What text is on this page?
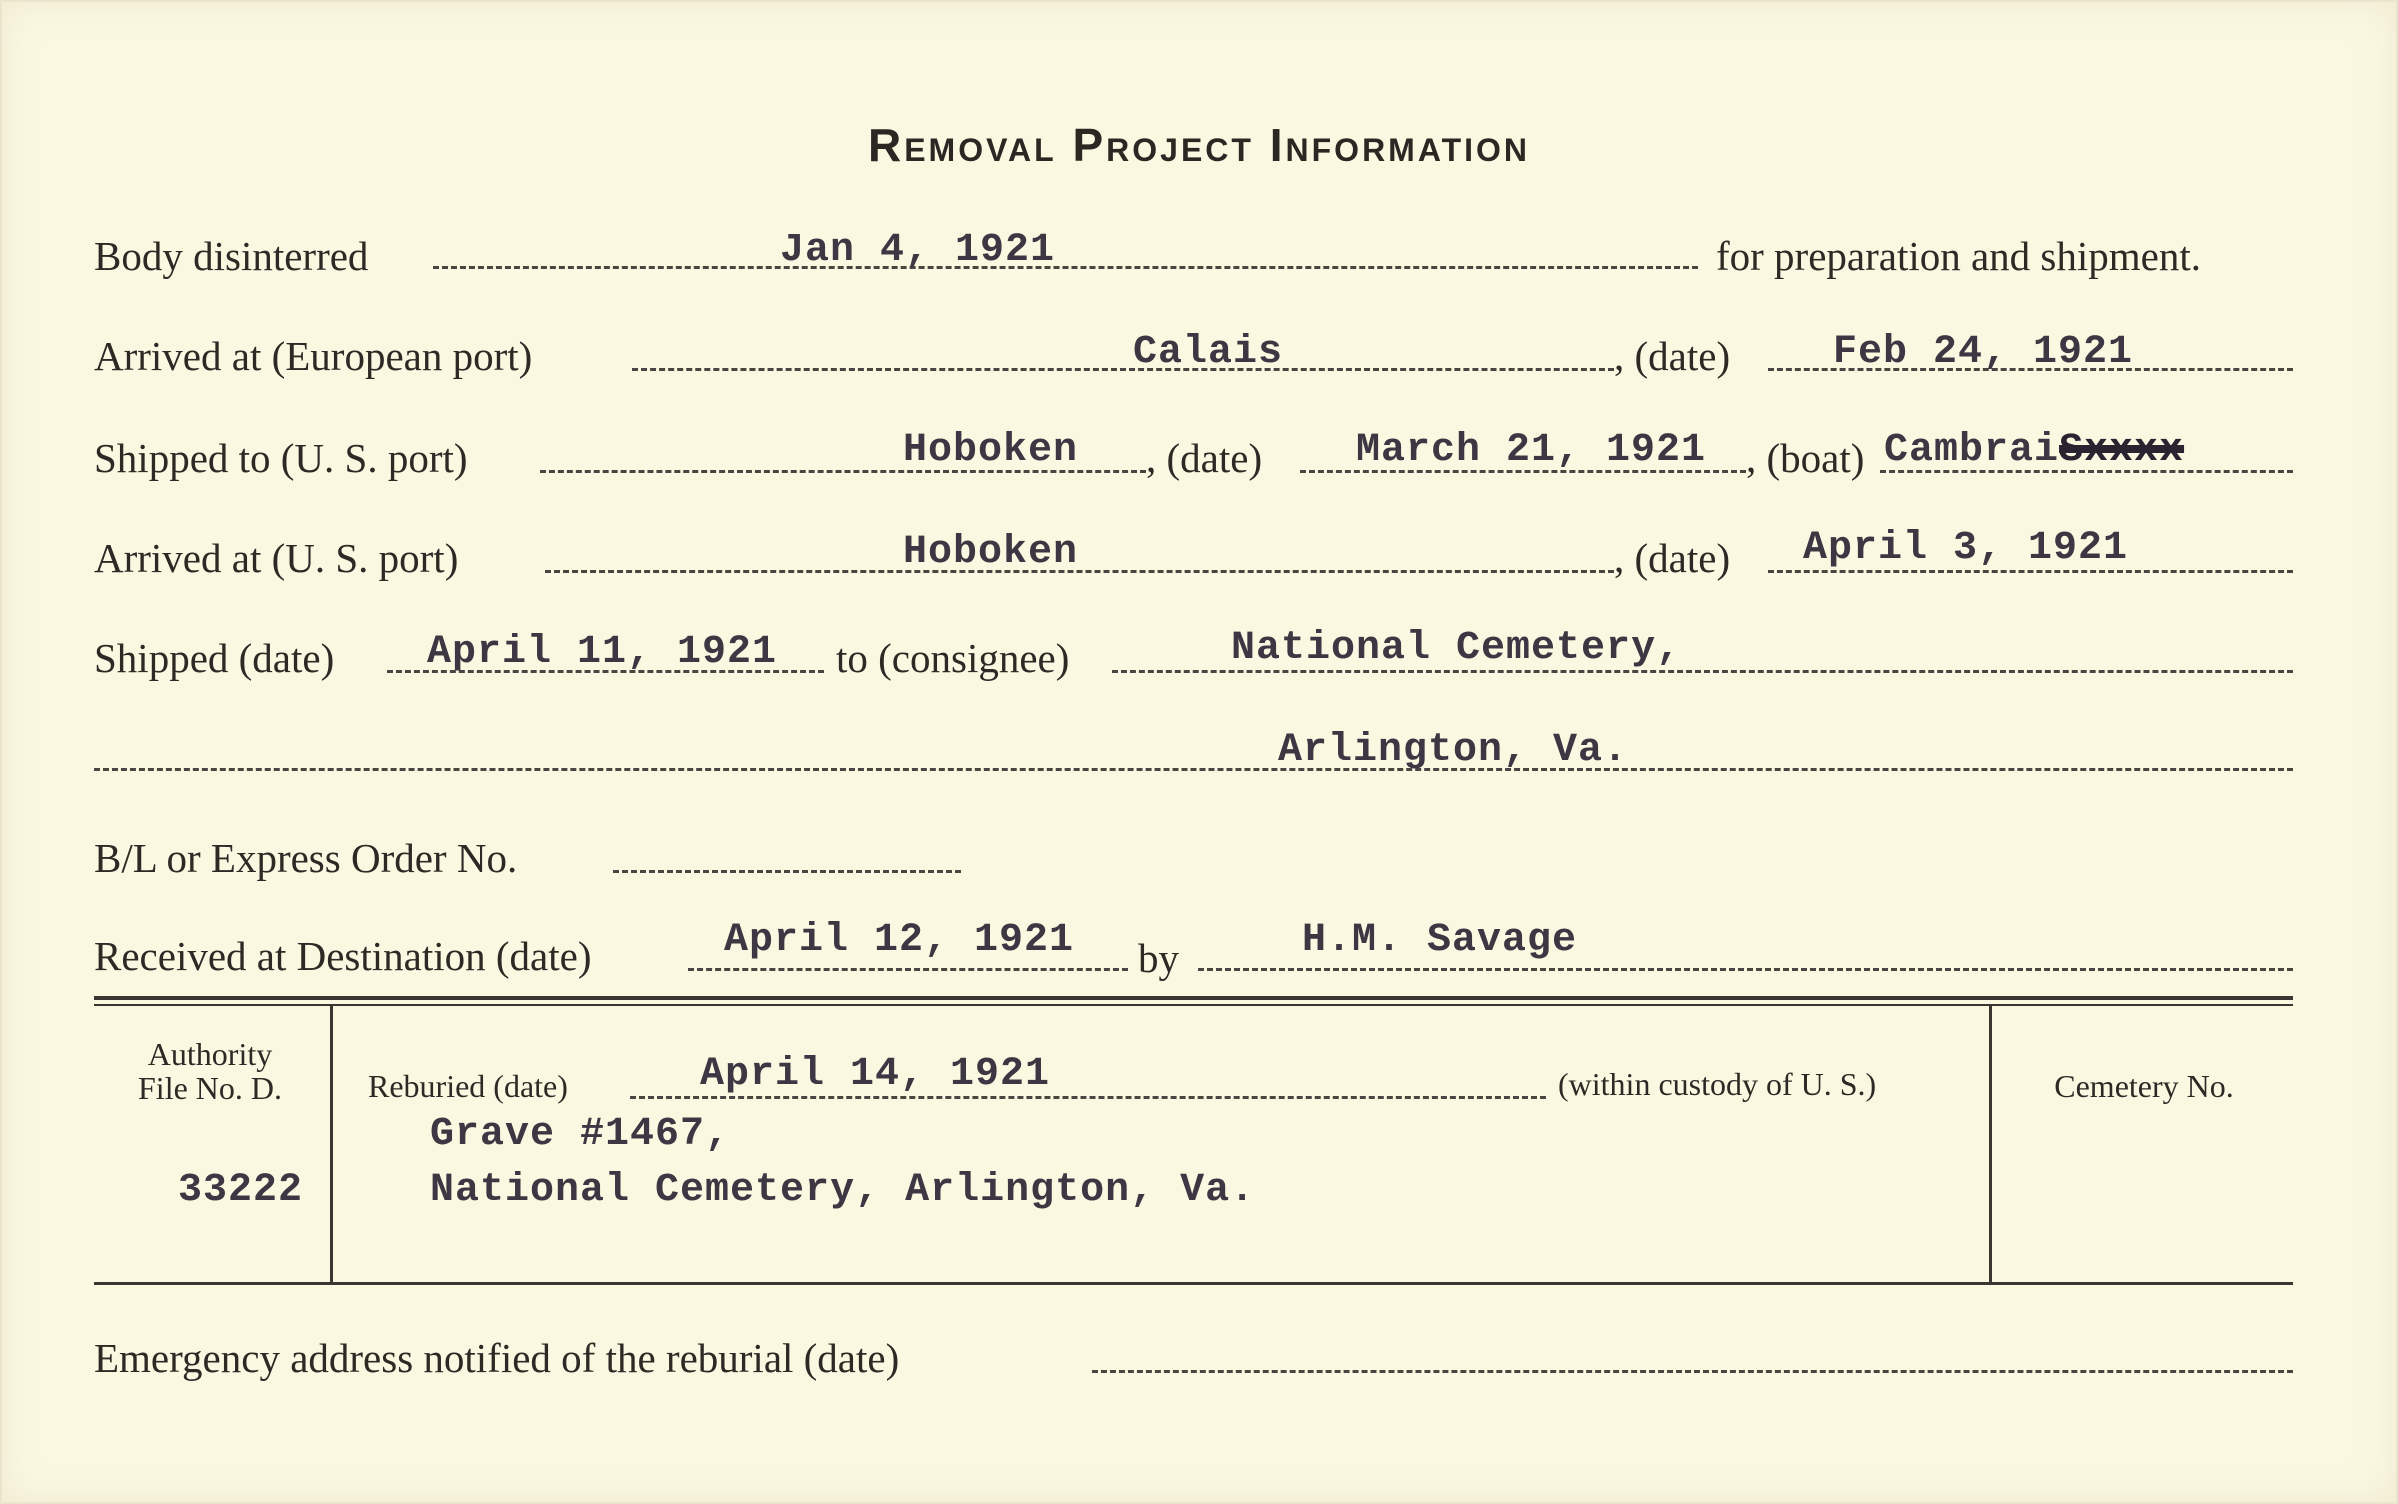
Removal Project Information
Body disinterred	Jan 4, 1921	for preparation and shipment.
Arrived at (European port)	Calais	, (date)	Feb 24, 1921
Shipped to (U. S. port)	Hoboken , (date) March 21, 1921 , (boat) CambraiSxxxx
Arrived at (U. S. port)	Hoboken	, (date) April 3, 1921
Shipped (date) April 11, 1921 to (consignee)	National Cemetery,
Arlington, Va.
B/L or Express Order No.
Received at Destination (date)	April 12, 1921 by	H.M. Savage
Authority
File No. D.
33222
Reburied (date)	April 14, 1921	(within custody of U. S.)
Grave #1467,
National Cemetery, Arlington, Va.
Cemetery No.
Emergency address notified of the reburial (date)
